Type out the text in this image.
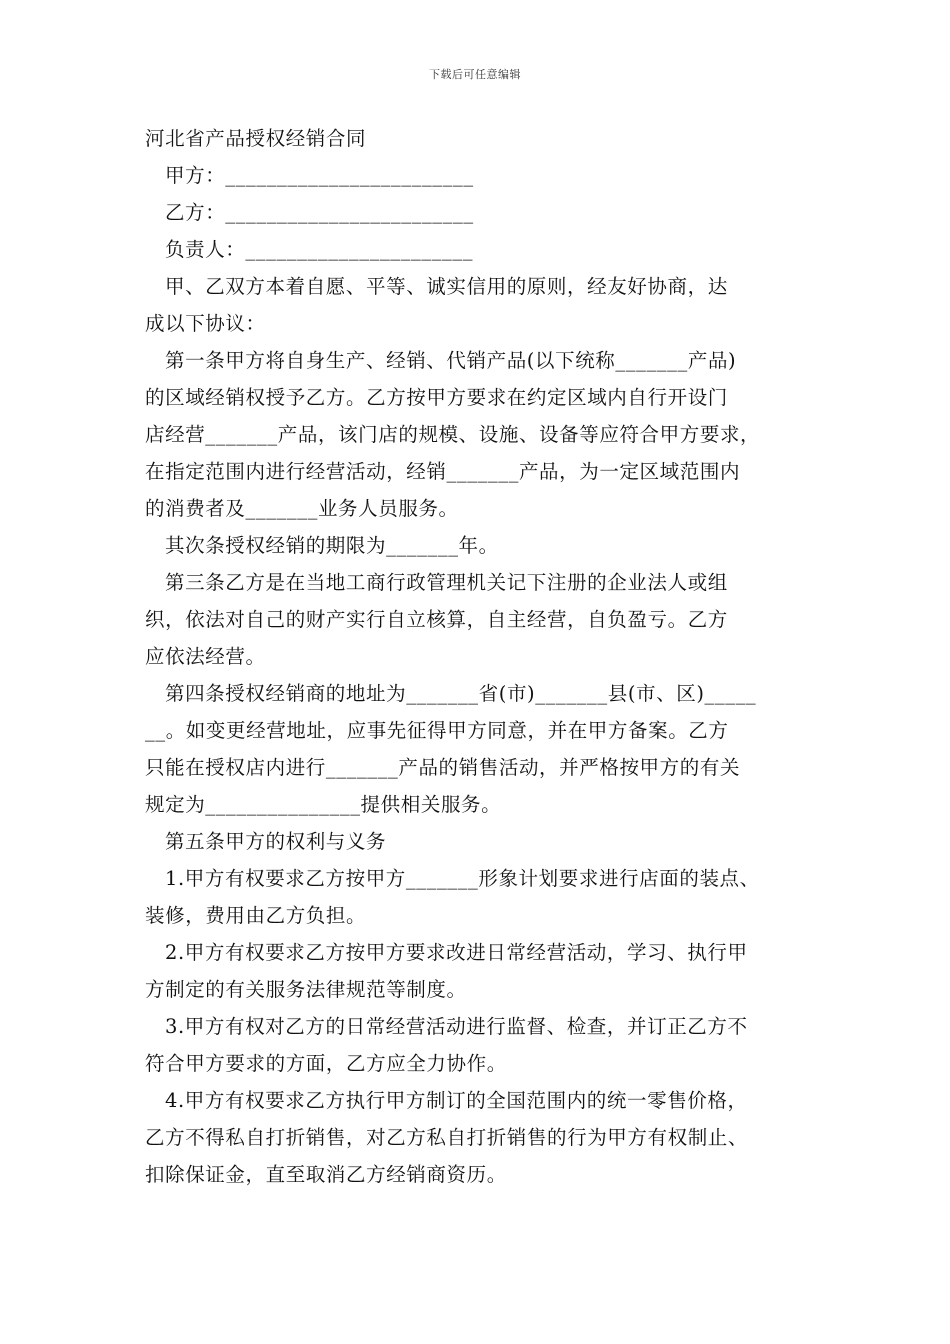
下载后可任意编辑
河北省产品授权经销合同
甲方：________________________
乙方：________________________
负责人：______________________
甲、乙双方本着自愿、平等、诚实信用的原则，经友好协商，达
成以下协议：
第一条甲方将自身生产、经销、代销产品(以下统称_______产品)
的区域经销权授予乙方。乙方按甲方要求在约定区域内自行开设门
店经营_______产品，该门店的规模、设施、设备等应符合甲方要求，
在指定范围内进行经营活动，经销_______产品，为一定区域范围内
的消费者及_______业务人员服务。
其次条授权经销的期限为_______年。
第三条乙方是在当地工商行政管理机关记下注册的企业法人或组
织，依法对自己的财产实行自立核算，自主经营，自负盈亏。乙方
应依法经营。
第四条授权经销商的地址为_______省(市)_______县(市、区)_____
__。如变更经营地址，应事先征得甲方同意，并在甲方备案。乙方
只能在授权店内进行_______产品的销售活动，并严格按甲方的有关
规定为_______________提供相关服务。
第五条甲方的权利与义务
1.甲方有权要求乙方按甲方_______形象计划要求进行店面的装点、
装修，费用由乙方负担。
2.甲方有权要求乙方按甲方要求改进日常经营活动，学习、执行甲
方制定的有关服务法律规范等制度。
3.甲方有权对乙方的日常经营活动进行监督、检查，并订正乙方不
符合甲方要求的方面，乙方应全力协作。
4.甲方有权要求乙方执行甲方制订的全国范围内的统一零售价格，
乙方不得私自打折销售，对乙方私自打折销售的行为甲方有权制止、
扣除保证金，直至取消乙方经销商资历。
